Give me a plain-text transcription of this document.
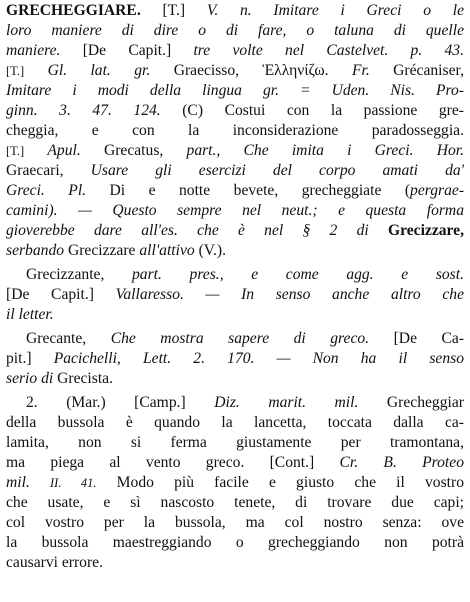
GRECHEGGIARE. [T.] V. n. Imitare i Greci o le
loro maniere di dire o di fare, o taluna di quelle
maniere. [De Capit.] tre volte nel Castelvet. p. 43.
[T.] Gl. lat. gr. Graecisso, Ἑλληνίζω. Fr. Grécaniser,
Imitare i modi della lingua gr. = Uden. Nis. Pro-
ginn. 3. 47. 124. (C) Costui con la passione gre-
cheggia, e con la inconsiderazione paradosseggia.
[T.] Apul. Grecatus, part., Che imita i Greci. Hor.
Graecari, Usare gli esercizi del corpo amati da'
Greci. Pl. Di e notte bevete, grecheggiate (pergrae-
camini). — Questo sempre nel neut.; e questa forma
gioverebbe dare all'es. che è nel § 2 di Grecizzare,
serbando Grecizzare all'attivo (V.).
Grecizzante, part. pres., e come agg. e sost.
[De Capit.] Vallaresso. — In senso anche altro che
il letter.
Grecante, Che mostra sapere di greco. [De Ca-
pit.] Pacichelli, Lett. 2. 170. — Non ha il senso
serio di Grecista.
2. (Mar.) [Camp.] Diz. marit. mil. Grecheggiar
della bussola è quando la lancetta, toccata dalla ca-
lamita, non si ferma giustamente per tramontana,
ma piega al vento greco. [Cont.] Cr. B. Proteo
mil. II. 41. Modo più facile e giusto che il vostro
che usate, e sì nascosto tenete, di trovare due capi;
col vostro per la bussola, ma col nostro senza: ove
la bussola maestreggiando o grecheggiando non potrà
causarvi errore.
